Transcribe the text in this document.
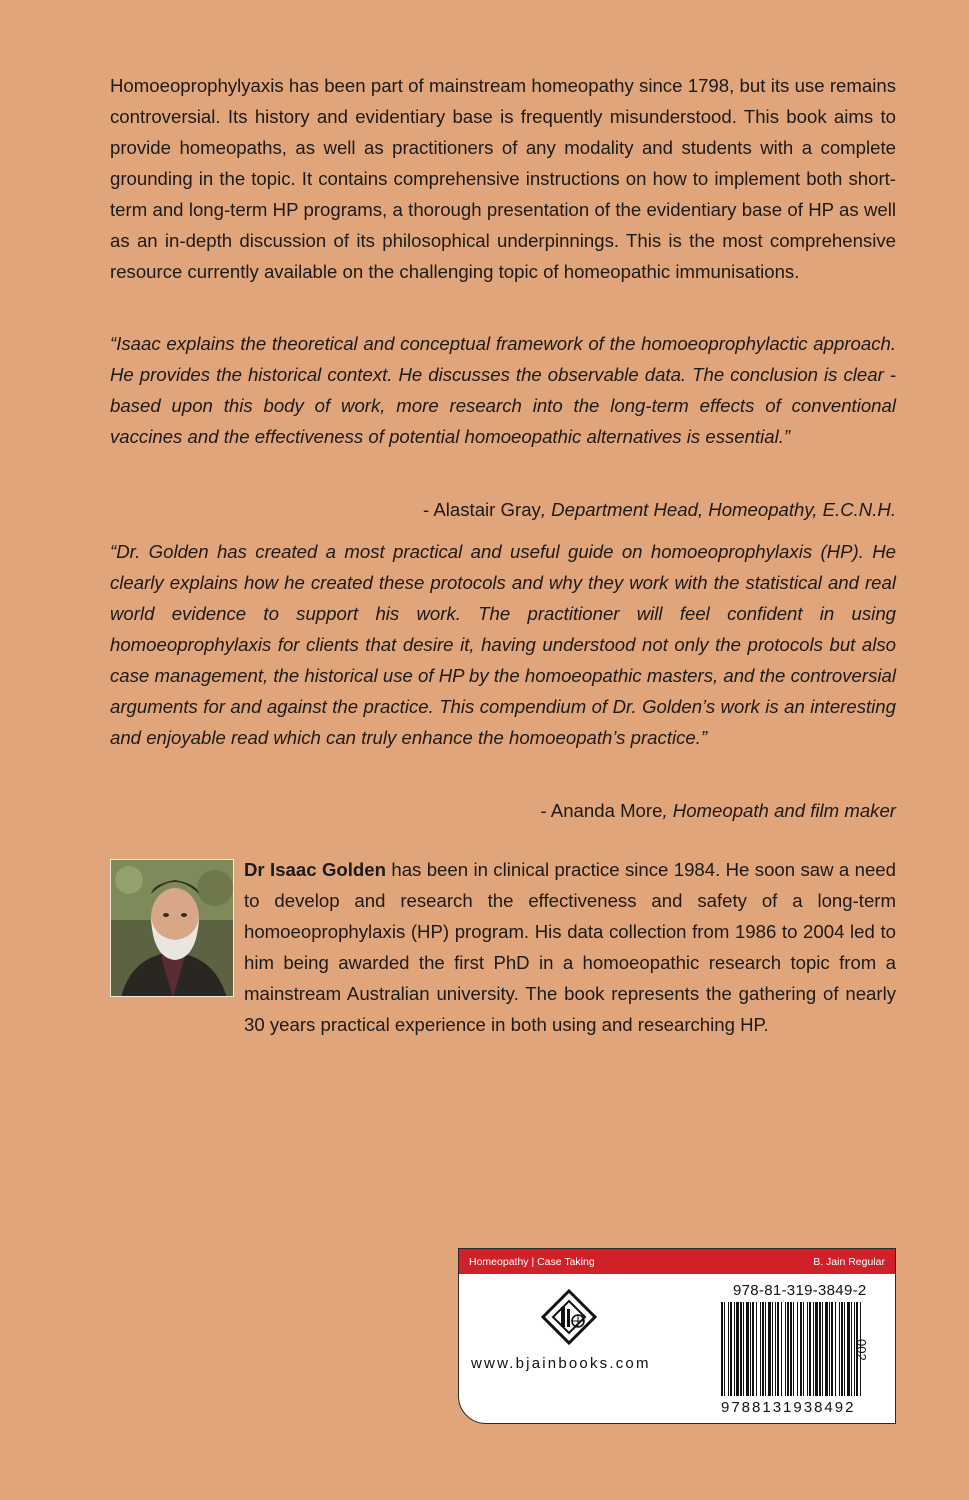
Homoeoprophylyaxis has been part of mainstream homeopathy since 1798, but its use remains controversial. Its history and evidentiary base is frequently misunderstood. This book aims to provide homeopaths, as well as practitioners of any modality and students with a complete grounding in the topic. It contains comprehensive instructions on how to implement both short-term and long-term HP programs, a thorough presentation of the evidentiary base of HP as well as an in-depth discussion of its philosophical underpinnings. This is the most comprehensive resource currently available on the challenging topic of homeopathic immunisations.

“Isaac explains the theoretical and conceptual framework of the homoeoprophylactic approach. He provides the historical context. He discusses the observable data. The conclusion is clear - based upon this body of work, more research into the long-term effects of conventional vaccines and the effectiveness of potential homoeopathic alternatives is essential.”

- Alastair Gray, Department Head, Homeopathy, E.C.N.H.

“Dr. Golden has created a most practical and useful guide on homoeoprophylaxis (HP). He clearly explains how he created these protocols and why they work with the statistical and real world evidence to support his work. The practitioner will feel confident in using homoeoprophylaxis for clients that desire it, having understood not only the protocols but also case management, the historical use of HP by the homoeopathic masters, and the controversial arguments for and against the practice. This compendium of Dr. Golden’s work is an interesting and enjoyable read which can truly enhance the homoeopath’s practice.”

- Ananda More, Homeopath and film maker
Dr Isaac Golden has been in clinical practice since 1984. He soon saw a need to develop and research the effectiveness and safety of a long-term homoeoprophylaxis (HP) program. His data collection from 1986 to 2004 led to him being awarded the first PhD in a homoeopathic research topic from a mainstream Australian university. The book represents the gathering of nearly 30 years practical experience in both using and researching HP.
Homeopathy | Case Taking	B. Jain Regular
www.bjainbooks.com
978-81-319-3849-2
9788131938492
002
